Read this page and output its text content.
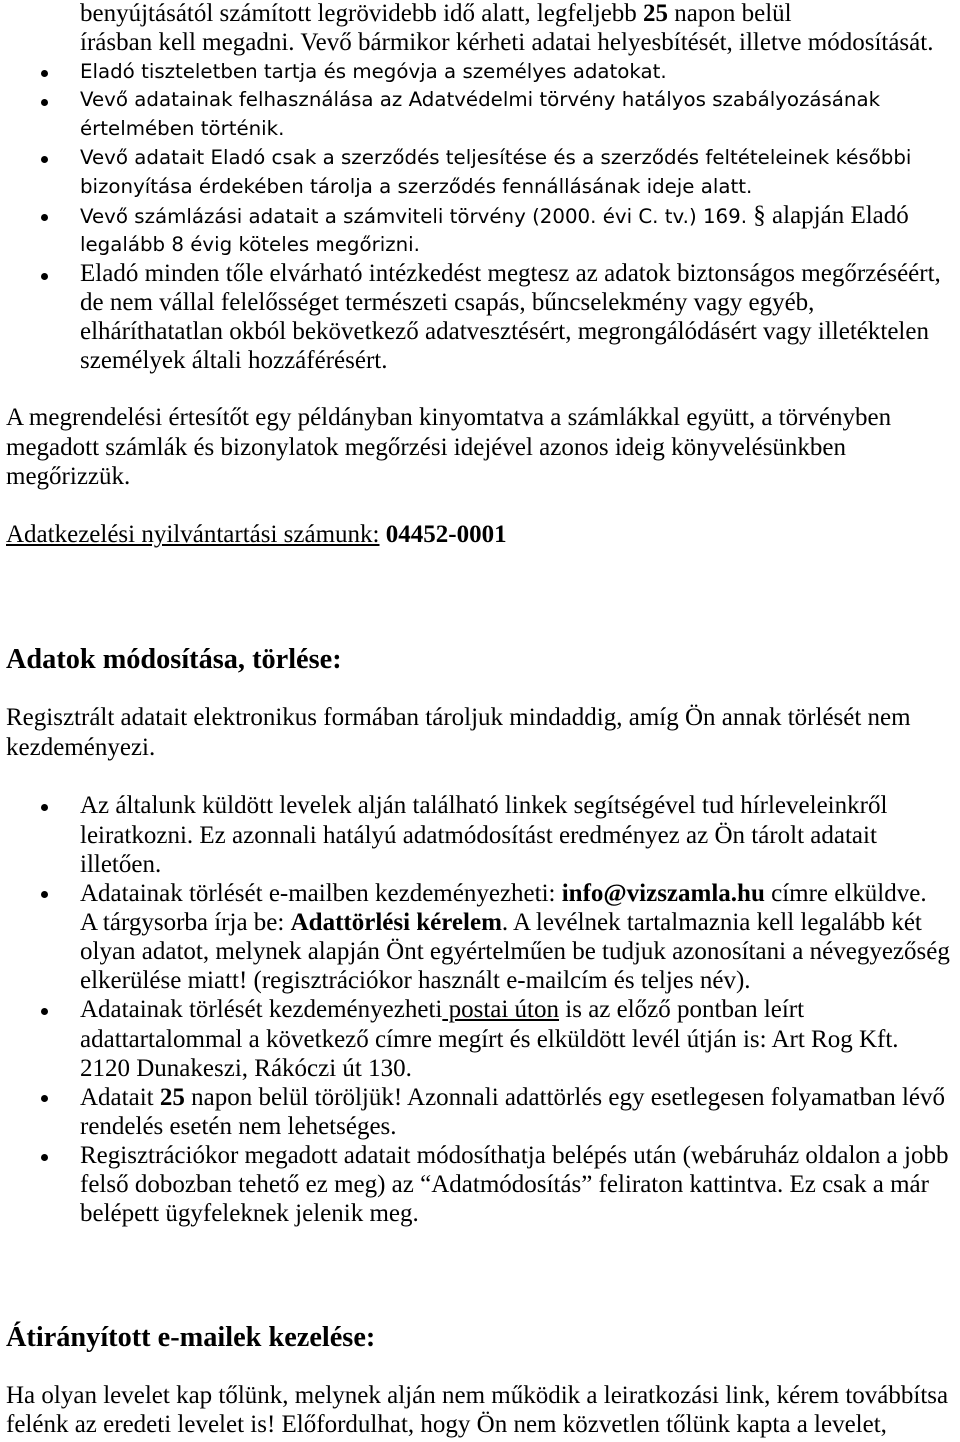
benyújtásától számított legrövidebb idő alatt, legfeljebb 25 napon belül
írásban kell megadni. Vevő bármikor kérheti adatai helyesbítését, illetve módosítását.
Eladó tiszteletben tartja és megóvja a személyes adatokat.
Vevő adatainak felhasználása az Adatvédelmi törvény hatályos szabályozásának
értelmében történik.
Vevő adatait Eladó csak a szerződés teljesítése és a szerződés feltételeinek későbbi
bizonyítása érdekében tárolja a szerződés fennállásának ideje alatt.
Vevő számlázási adatait a számviteli törvény (2000. évi C. tv.) 169. § alapján Eladó
legalább 8 évig köteles megőrizni.
Eladó minden tőle elvárható intézkedést megtesz az adatok biztonságos megőrzéséért,
de nem vállal felelősséget természeti csapás, bűncselekmény vagy egyéb,
elháríthatatlan okból bekövetkező adatvesztésért, megrongálódásért vagy illetéktelen
személyek általi hozzáférésért.
A megrendelési értesítőt egy példányban kinyomtatva a számlákkal együtt, a törvényben
megadott számlák és bizonylatok megőrzési idejével azonos ideig könyvelésünkben
megőrizzük.
Adatkezelési nyilvántartási számunk: 04452-0001
Adatok módosítása, törlése:
Regisztrált adatait elektronikus formában tároljuk mindaddig, amíg Ön annak törlését nem
kezdeményezi.
Az általunk küldött levelek alján található linkek segítségével tud hírleveleinkről
leiratkozni. Ez azonnali hatályú adatmódosítást eredményez az Ön tárolt adatait
illetően.
Adatainak törlését e-mailben kezdeményezheti: info@vizszamla.hu címre elküldve.
A tárgysorba írja be: Adattörlési kérelem. A levélnek tartalmaznia kell legalább két
olyan adatot, melynek alapján Önt egyértelműen be tudjuk azonosítani a névegyezőség
elkerülése miatt! (regisztrációkor használt e-mailcím és teljes név).
Adatainak törlését kezdeményezheti postai úton is az előző pontban leírt
adattartalommal a következő címre megírt és elküldött levél útján is: Art Rog Kft.
2120 Dunakeszi, Rákóczi út 130.
Adatait 25 napon belül töröljük! Azonnali adattörlés egy esetlegesen folyamatban lévő
rendelés esetén nem lehetséges.
Regisztrációkor megadott adatait módosíthatja belépés után (webáruház oldalon a jobb
felső dobozban tehető ez meg) az “Adatmódosítás” feliraton kattintva. Ez csak a már
belépett ügyfeleknek jelenik meg.
Átirányított e-mailek kezelése:
Ha olyan levelet kap tőlünk, melynek alján nem működik a leiratkozási link, kérem továbbítsa
felénk az eredeti levelet is! Előfordulhat, hogy Ön nem közvetlen tőlünk kapta a levelet,
